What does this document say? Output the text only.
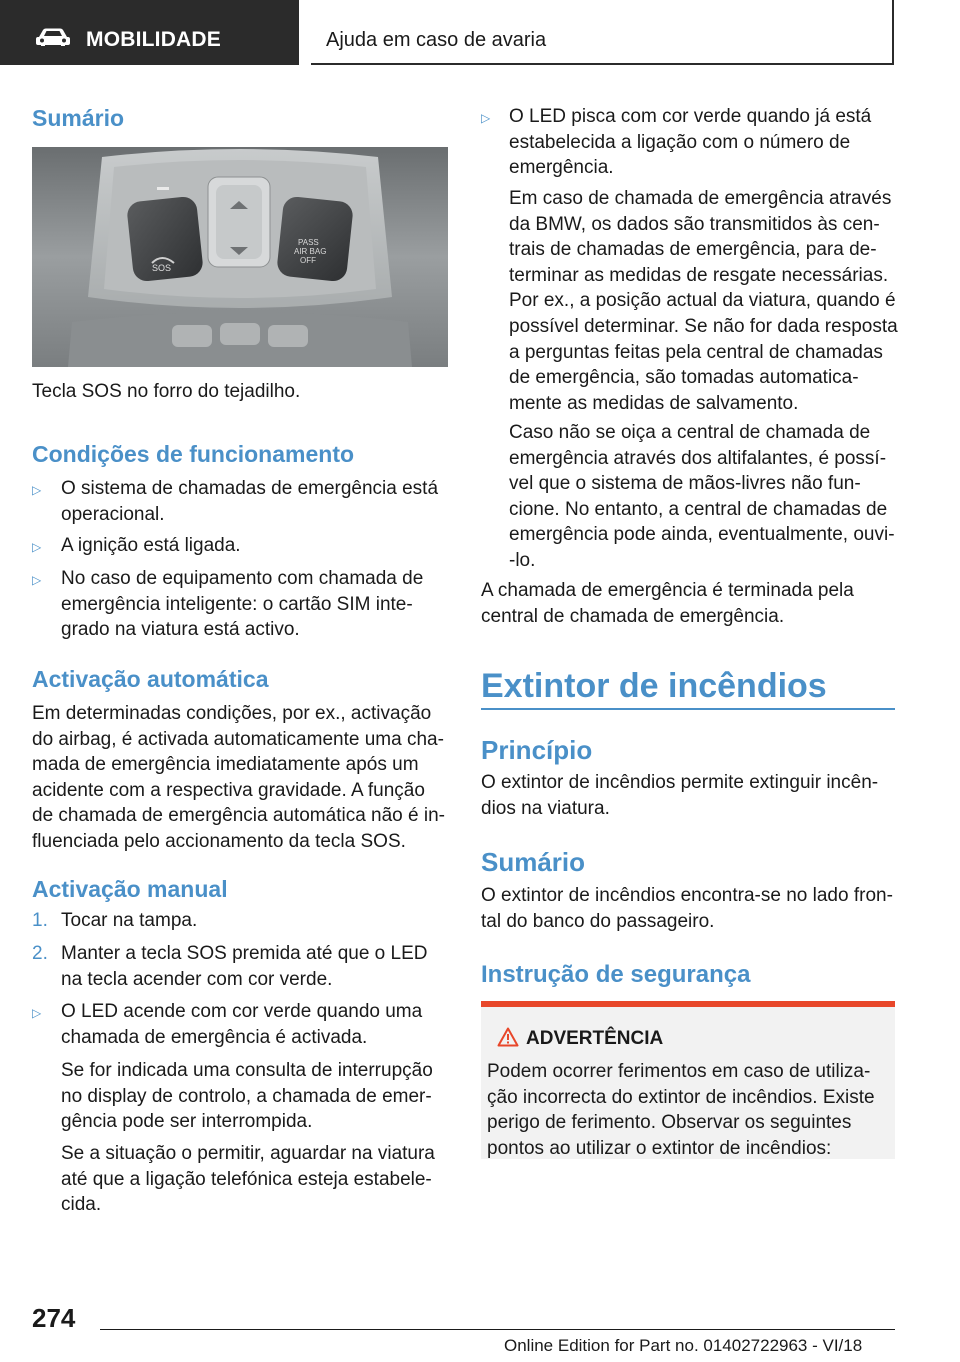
MOBILIDADE	Ajuda em caso de avaria
Sumário
SOS
PASS AIR BAG OFF
Tecla SOS no forro do tejadilho.
Condições de funcionamento
▷ O sistema de chamadas de emergência está
operacional.
▷ A ignição está ligada.
▷ No caso de equipamento com chamada de
emergência inteligente: o cartão SIM inte-
grado na viatura está activo.
Activação automática
Em determinadas condições, por ex., activação
do airbag, é activada automaticamente uma cha-
mada de emergência imediatamente após um
acidente com a respectiva gravidade. A função
de chamada de emergência automática não é in-
fluenciada pelo accionamento da tecla SOS.
Activação manual
1. Tocar na tampa.
2. Manter a tecla SOS premida até que o LED
na tecla acender com cor verde.
▷ O LED acende com cor verde quando uma
chamada de emergência é activada.
Se for indicada uma consulta de interrupção
no display de controlo, a chamada de emer-
gência pode ser interrompida.
Se a situação o permitir, aguardar na viatura
até que a ligação telefónica esteja estabele-
cida.
▷ O LED pisca com cor verde quando já está
estabelecida a ligação com o número de
emergência.
Em caso de chamada de emergência através
da BMW, os dados são transmitidos às cen-
trais de chamadas de emergência, para de-
terminar as medidas de resgate necessárias.
Por ex., a posição actual da viatura, quando é
possível determinar. Se não for dada resposta
a perguntas feitas pela central de chamadas
de emergência, são tomadas automatica-
mente as medidas de salvamento.
Caso não se oiça a central de chamada de
emergência através dos altifalantes, é possí-
vel que o sistema de mãos-livres não fun-
cione. No entanto, a central de chamadas de
emergência pode ainda, eventualmente, ouvi-
-lo.
A chamada de emergência é terminada pela
central de chamada de emergência.
Extintor de incêndios
Princípio
O extintor de incêndios permite extinguir incên-
dios na viatura.
Sumário
O extintor de incêndios encontra-se no lado fron-
tal do banco do passageiro.
Instrução de segurança
ADVERTÊNCIA
Podem ocorrer ferimentos em caso de utiliza-
ção incorrecta do extintor de incêndios. Existe
perigo de ferimento. Observar os seguintes
pontos ao utilizar o extintor de incêndios:
274
Online Edition for Part no. 01402722963 - VI/18
